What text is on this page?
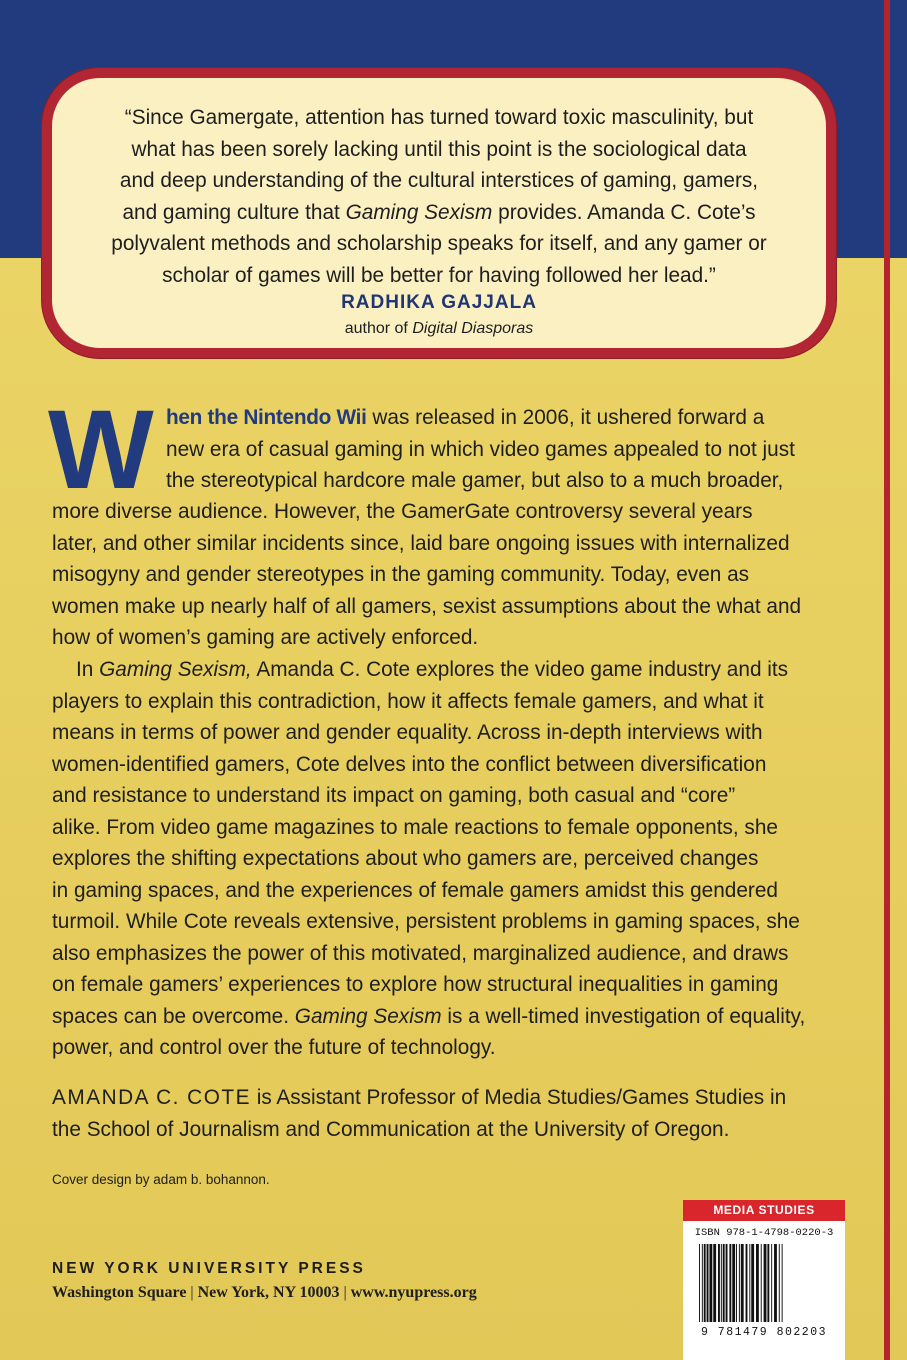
“Since Gamergate, attention has turned toward toxic masculinity, but
what has been sorely lacking until this point is the sociological data
and deep understanding of the cultural interstices of gaming, gamers,
and gaming culture that Gaming Sexism provides. Amanda C. Cote’s
polyvalent methods and scholarship speaks for itself, and any gamer or
scholar of games will be better for having followed her lead.”

RADHIKA GAJJALA

author of Digital Diasporas

W hen the Nintendo Wii was released in 2006, it ushered forward a
new era of casual gaming in which video games appealed to not just
the stereotypical hardcore male gamer, but also to a much broader,

more diverse audience. However, the GamerGate controversy several years
later, and other similar incidents since, laid bare ongoing issues with internalized
misogyny and gender stereotypes in the gaming community. Today, even as
women make up nearly half of all gamers, sexist assumptions about the what and
how of women’s gaming are actively enforced.

In Gaming Sexism, Amanda C. Cote explores the video game industry and its
players to explain this contradiction, how it affects female gamers, and what it
means in terms of power and gender equality. Across in-depth interviews with
women-identified gamers, Cote delves into the conflict between diversification
and resistance to understand its impact on gaming, both casual and “core”
alike. From video game magazines to male reactions to female opponents, she
explores the shifting expectations about who gamers are, perceived changes
in gaming spaces, and the experiences of female gamers amidst this gendered
turmoil. While Cote reveals extensive, persistent problems in gaming spaces, she
also emphasizes the power of this motivated, marginalized audience, and draws
on female gamers’ experiences to explore how structural inequalities in gaming
spaces can be overcome. Gaming Sexism is a well-timed investigation of equality,
power, and control over the future of technology.

AMANDA C. COTE is Assistant Professor of Media Studies/Games Studies in
the School of Journalism and Communication at the University of Oregon.

Cover design by adam b. bohannon.

NEW YORK UNIVERSITY PRESS

Washington Square | New York, NY 10003 | www.nyupress.org

MEDIA STUDIES

ISBN 978-1-4798-0220-3

9 781479 802203
